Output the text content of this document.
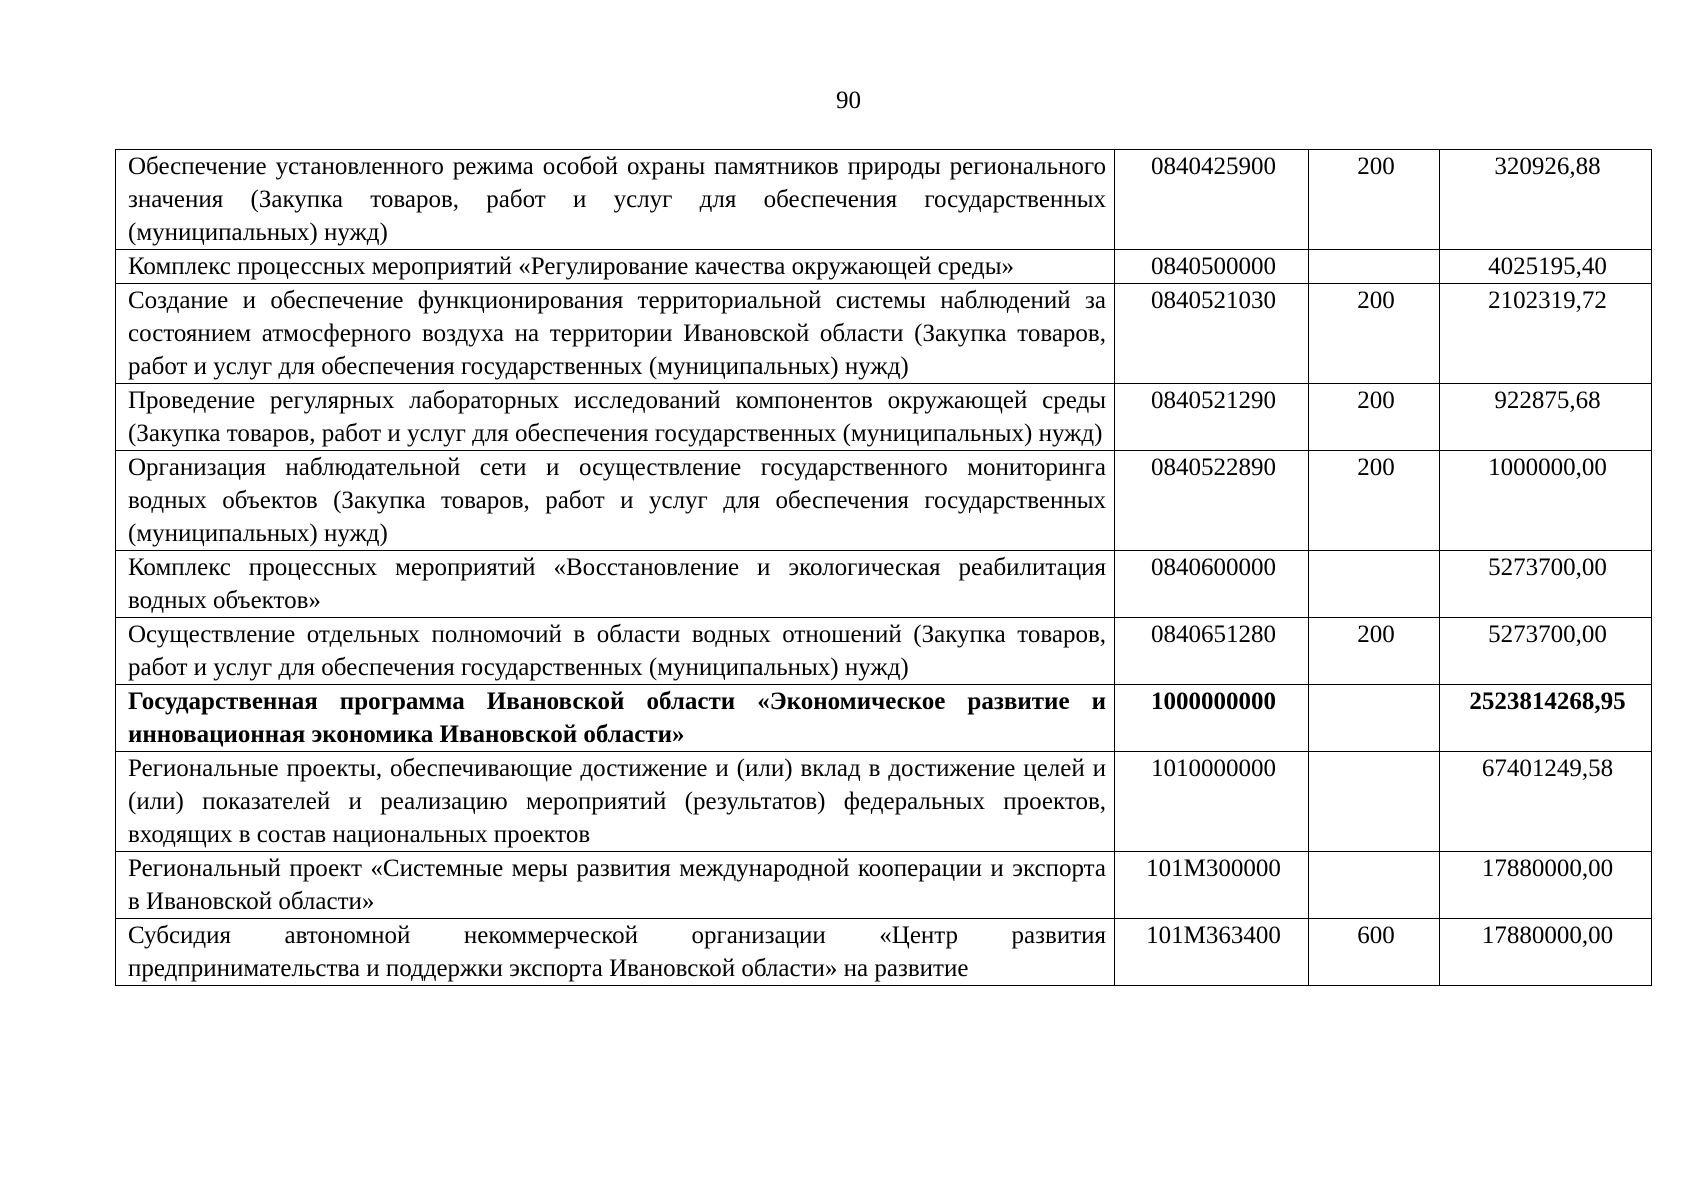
90
Обеспечение установленного режима особой охраны памятников природы регионального значения (Закупка товаров, работ и услуг для обеспечения государственных (муниципальных) нужд)	0840425900	200	320926,88
Комплекс процессных мероприятий «Регулирование качества окружающей среды»	0840500000		4025195,40
Создание и обеспечение функционирования территориальной системы наблюдений за состоянием атмосферного воздуха на территории Ивановской области (Закупка товаров, работ и услуг для обеспечения государственных (муниципальных) нужд)	0840521030	200	2102319,72
Проведение регулярных лабораторных исследований компонентов окружающей среды (Закупка товаров, работ и услуг для обеспечения государственных (муниципальных) нужд)	0840521290	200	922875,68
Организация наблюдательной сети и осуществление государственного мониторинга водных объектов (Закупка товаров, работ и услуг для обеспечения государственных (муниципальных) нужд)	0840522890	200	1000000,00
Комплекс процессных мероприятий «Восстановление и экологическая реабилитация водных объектов»	0840600000		5273700,00
Осуществление отдельных полномочий в области водных отношений (Закупка товаров, работ и услуг для обеспечения государственных (муниципальных) нужд)	0840651280	200	5273700,00
Государственная программа Ивановской области «Экономическое развитие и инновационная экономика Ивановской области»	1000000000		2523814268,95
Региональные проекты, обеспечивающие достижение и (или) вклад в достижение целей и (или) показателей и реализацию мероприятий (результатов) федеральных проектов, входящих в состав национальных проектов	1010000000		67401249,58
Региональный проект «Системные меры развития международной кооперации и экспорта в Ивановской области»	101M300000		17880000,00
Субсидия автономной некоммерческой организации «Центр развития предпринимательства и поддержки экспорта Ивановской области» на развитие	101M363400	600	17880000,00
